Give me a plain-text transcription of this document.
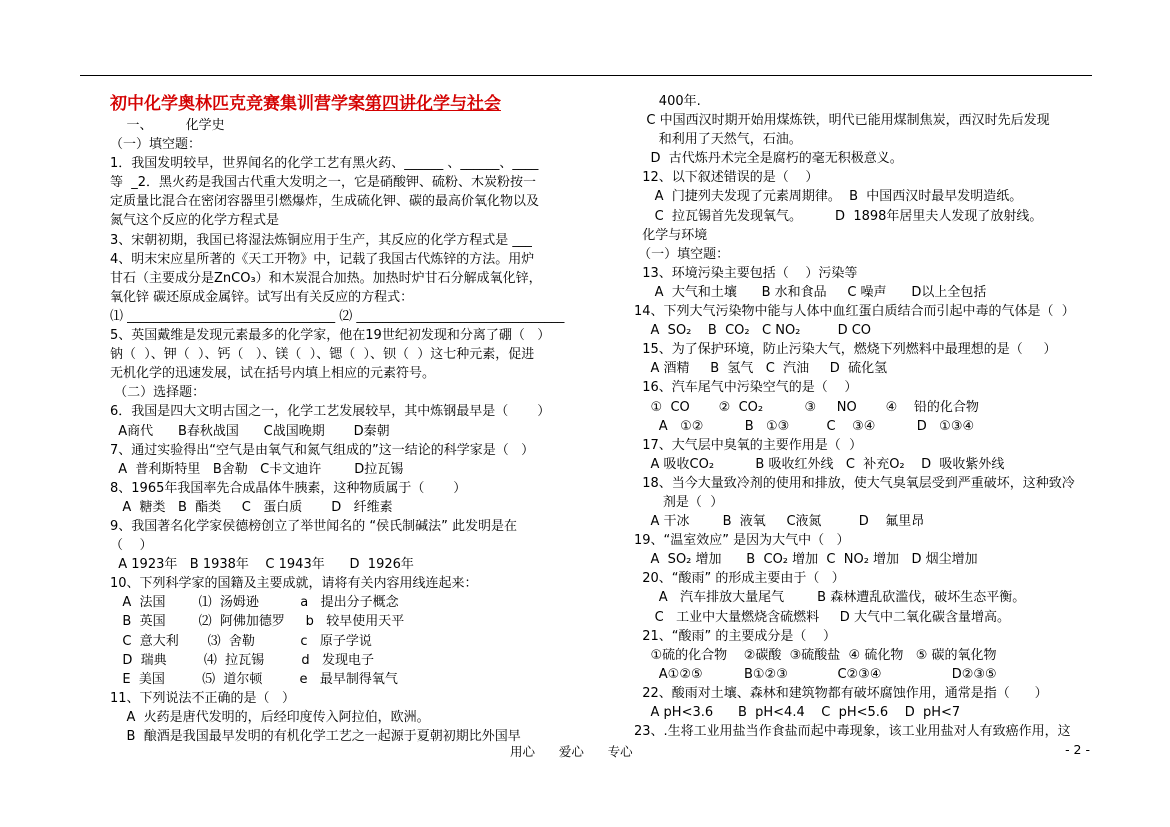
初中化学奥林匹克竞赛集训营学案第四讲化学与社会
一、        化学史
（一）填空题：
1．我国发明较早，世界闻名的化学工艺有黑火药、______ 、______、____
等  _2．黑火药是我国古代重大发明之一，它是硝酸钾、硫粉、木炭粉按一
定质量比混合在密闭容器里引燃爆炸，生成硫化钾、碳的最高价氧化物以及
氮气这个反应的化学方程式是
3、宋朝初期，我国已将湿法炼铜应用于生产，其反应的化学方程式是 ___
4、明末宋应星所著的《天工开物》中，记载了我国古代炼锌的方法。用炉
甘石（主要成分是ZnCO₃）和木炭混合加热。加热时炉甘石分解成氧化锌，
氧化锌 碳还原成金属锌。试写出有关反应的方程式：
⑴ ________________________________ ⑵ ________________________________
5、英国戴维是发现元素最多的化学家，他在19世纪初发现和分离了硼（   ）
钠（  ）、钾（  ）、钙（   ）、镁（  ）、锶（  ）、钡（  ）这七种元素，促进
无机化学的迅速发展，试在括号内填上相应的元素符号。
（二）选择题：
6．我国是四大文明古国之一，化学工艺发展较早，其中炼钢最早是（       ）
A商代      B春秋战国      C战国晚期       D秦朝
7、通过实验得出“空气是由氧气和氮气组成的”这一结论的科学家是（   ）
A  普利斯特里   B舍勒   C卡文迪许        D拉瓦锡
8、1965年我国率先合成晶体牛胰素，这种物质属于（       ）
A  糖类   B  酯类     C   蛋白质       D   纤维素
9、我国著名化学家侯德榜创立了举世闻名的 “侯氏制碱法” 此发明是在
（    ）
A 1923年   B 1938年    C 1943年      D  1926年
10、下列科学家的国籍及主要成就，请将有关内容用线连起来：
A  法国        ⑴  汤姆逊          a   提出分子概念
B  英国        ⑵  阿佛加德罗     b   较早使用天平
C  意大利       ⑶  舍勒           c   原子学说
D  瑞典         ⑷  拉瓦锡         d   发现电子
E  美国         ⑸  道尔顿         e   最早制得氧气
11、下列说法不正确的是（   ）
A  火药是唐代发明的，后经印度传入阿拉伯，欧洲。
B  酿酒是我国最早发明的有机化学工艺之一起源于夏朝初期比外国早
400年.
C 中国西汉时期开始用煤炼铁，明代已能用煤制焦炭，西汉时先后发现
和利用了天然气，石油。
D  古代炼丹术完全是腐朽的毫无积极意义。
12、以下叙述错误的是（    ）
A  门捷列夫发现了元素周期律。  B  中国西汉时最早发明造纸。
C  拉瓦锡首先发现氧气。        D  1898年居里夫人发现了放射线。
化学与环境
（一）填空题：
13、环境污染主要包括（    ）污染等
A  大气和土壤      B 水和食品     C 噪声      D以上全包括
14、下列大气污染物中能与人体中血红蛋白质结合而引起中毒的气体是（  ）
A  SO₂    B  CO₂   C NO₂         D CO
15、为了保护环境，防止污染大气，燃烧下列燃料中最理想的是（     ）
A 酒精     B  氢气   C  汽油     D  硫化氢
16、汽车尾气中污染空气的是（    ）
①  CO       ②  CO₂          ③     NO       ④    铅的化合物
A   ①②          B   ①③         C    ③④          D   ①③④
17、大气层中臭氧的主要作用是（  ）
A 吸收CO₂          B 吸收红外线   C  补充O₂    D  吸收紫外线
18、当今大量致冷剂的使用和排放，使大气臭氧层受到严重破坏，这种致冷
剂是（  ）
A 干冰        B  液氧     C液氮         D    氟里昂
19、“温室效应” 是因为大气中（   ）
A  SO₂ 增加      B  CO₂ 增加  C  NO₂ 增加   D 烟尘增加
20、“酸雨” 的形成主要由于（   ）
A   汽车排放大量尾气        B 森林遭乱砍滥伐，破坏生态平衡。
C   工业中大量燃烧含硫燃料     D 大气中二氧化碳含量增高。
21、“酸雨” 的主要成分是（    ）
①硫的化合物    ②碳酸  ③硫酸盐  ④ 硫化物   ⑤ 碳的氧化物
A①②⑤          B①②③            C②③④                 D②③⑤
22、酸雨对土壤、森林和建筑物都有破坏腐蚀作用，通常是指（      ）
A pH<3.6      B  pH<4.4    C  pH<5.6    D  pH<7
23、.生将工业用盐当作食盐而起中毒现象，该工业用盐对人有致癌作用，这
用心      爱心      专心	- 2 -
